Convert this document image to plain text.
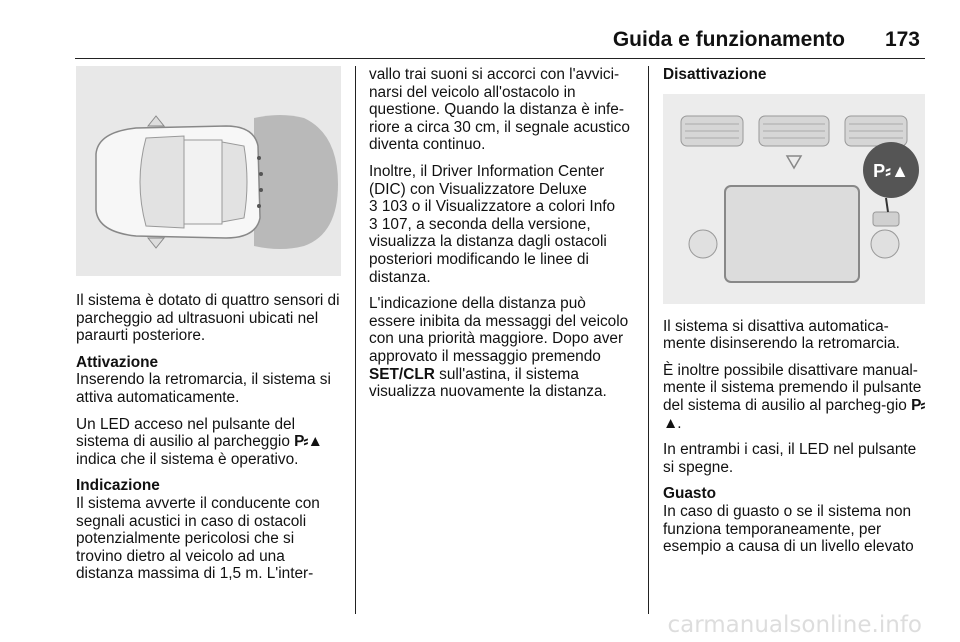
Guida e funzionamento 173

Il sistema è dotato di quattro sensori di parcheggio ad ultrasuoni ubicati nel paraurti posteriore.

Attivazione
Inserendo la retromarcia, il sistema si attiva automaticamente.

Un LED acceso nel pulsante del sistema di ausilio al parcheggio P⸗▲ indica che il sistema è operativo.

Indicazione
Il sistema avverte il conducente con segnali acustici in caso di ostacoli potenzialmente pericolosi che si trovino dietro al veicolo ad una distanza massima di 1,5 m. L'inter-

vallo trai suoni si accorci con l'avvici-narsi del veicolo all'ostacolo in questione. Quando la distanza è infe-riore a circa 30 cm, il segnale acustico diventa continuo.

Inoltre, il Driver Information Center (DIC) con Visualizzatore Deluxe
3 103 o il Visualizzatore a colori Info
3 107, a seconda della versione, visualizza la distanza dagli ostacoli posteriori modificando le linee di distanza.

L'indicazione della distanza può essere inibita da messaggi del veicolo con una priorità maggiore. Dopo aver approvato il messaggio premendo SET/CLR sull'astina, il sistema visualizza nuovamente la distanza.

Disattivazione
P⸗▲

Il sistema si disattiva automatica-mente disinserendo la retromarcia.

È inoltre possibile disattivare manual-mente il sistema premendo il pulsante del sistema di ausilio al parcheg-gio P⸗▲.

In entrambi i casi, il LED nel pulsante si spegne.

Guasto
In caso di guasto o se il sistema non funziona temporaneamente, per esempio a causa di un livello elevato

carmanualsonline.info
